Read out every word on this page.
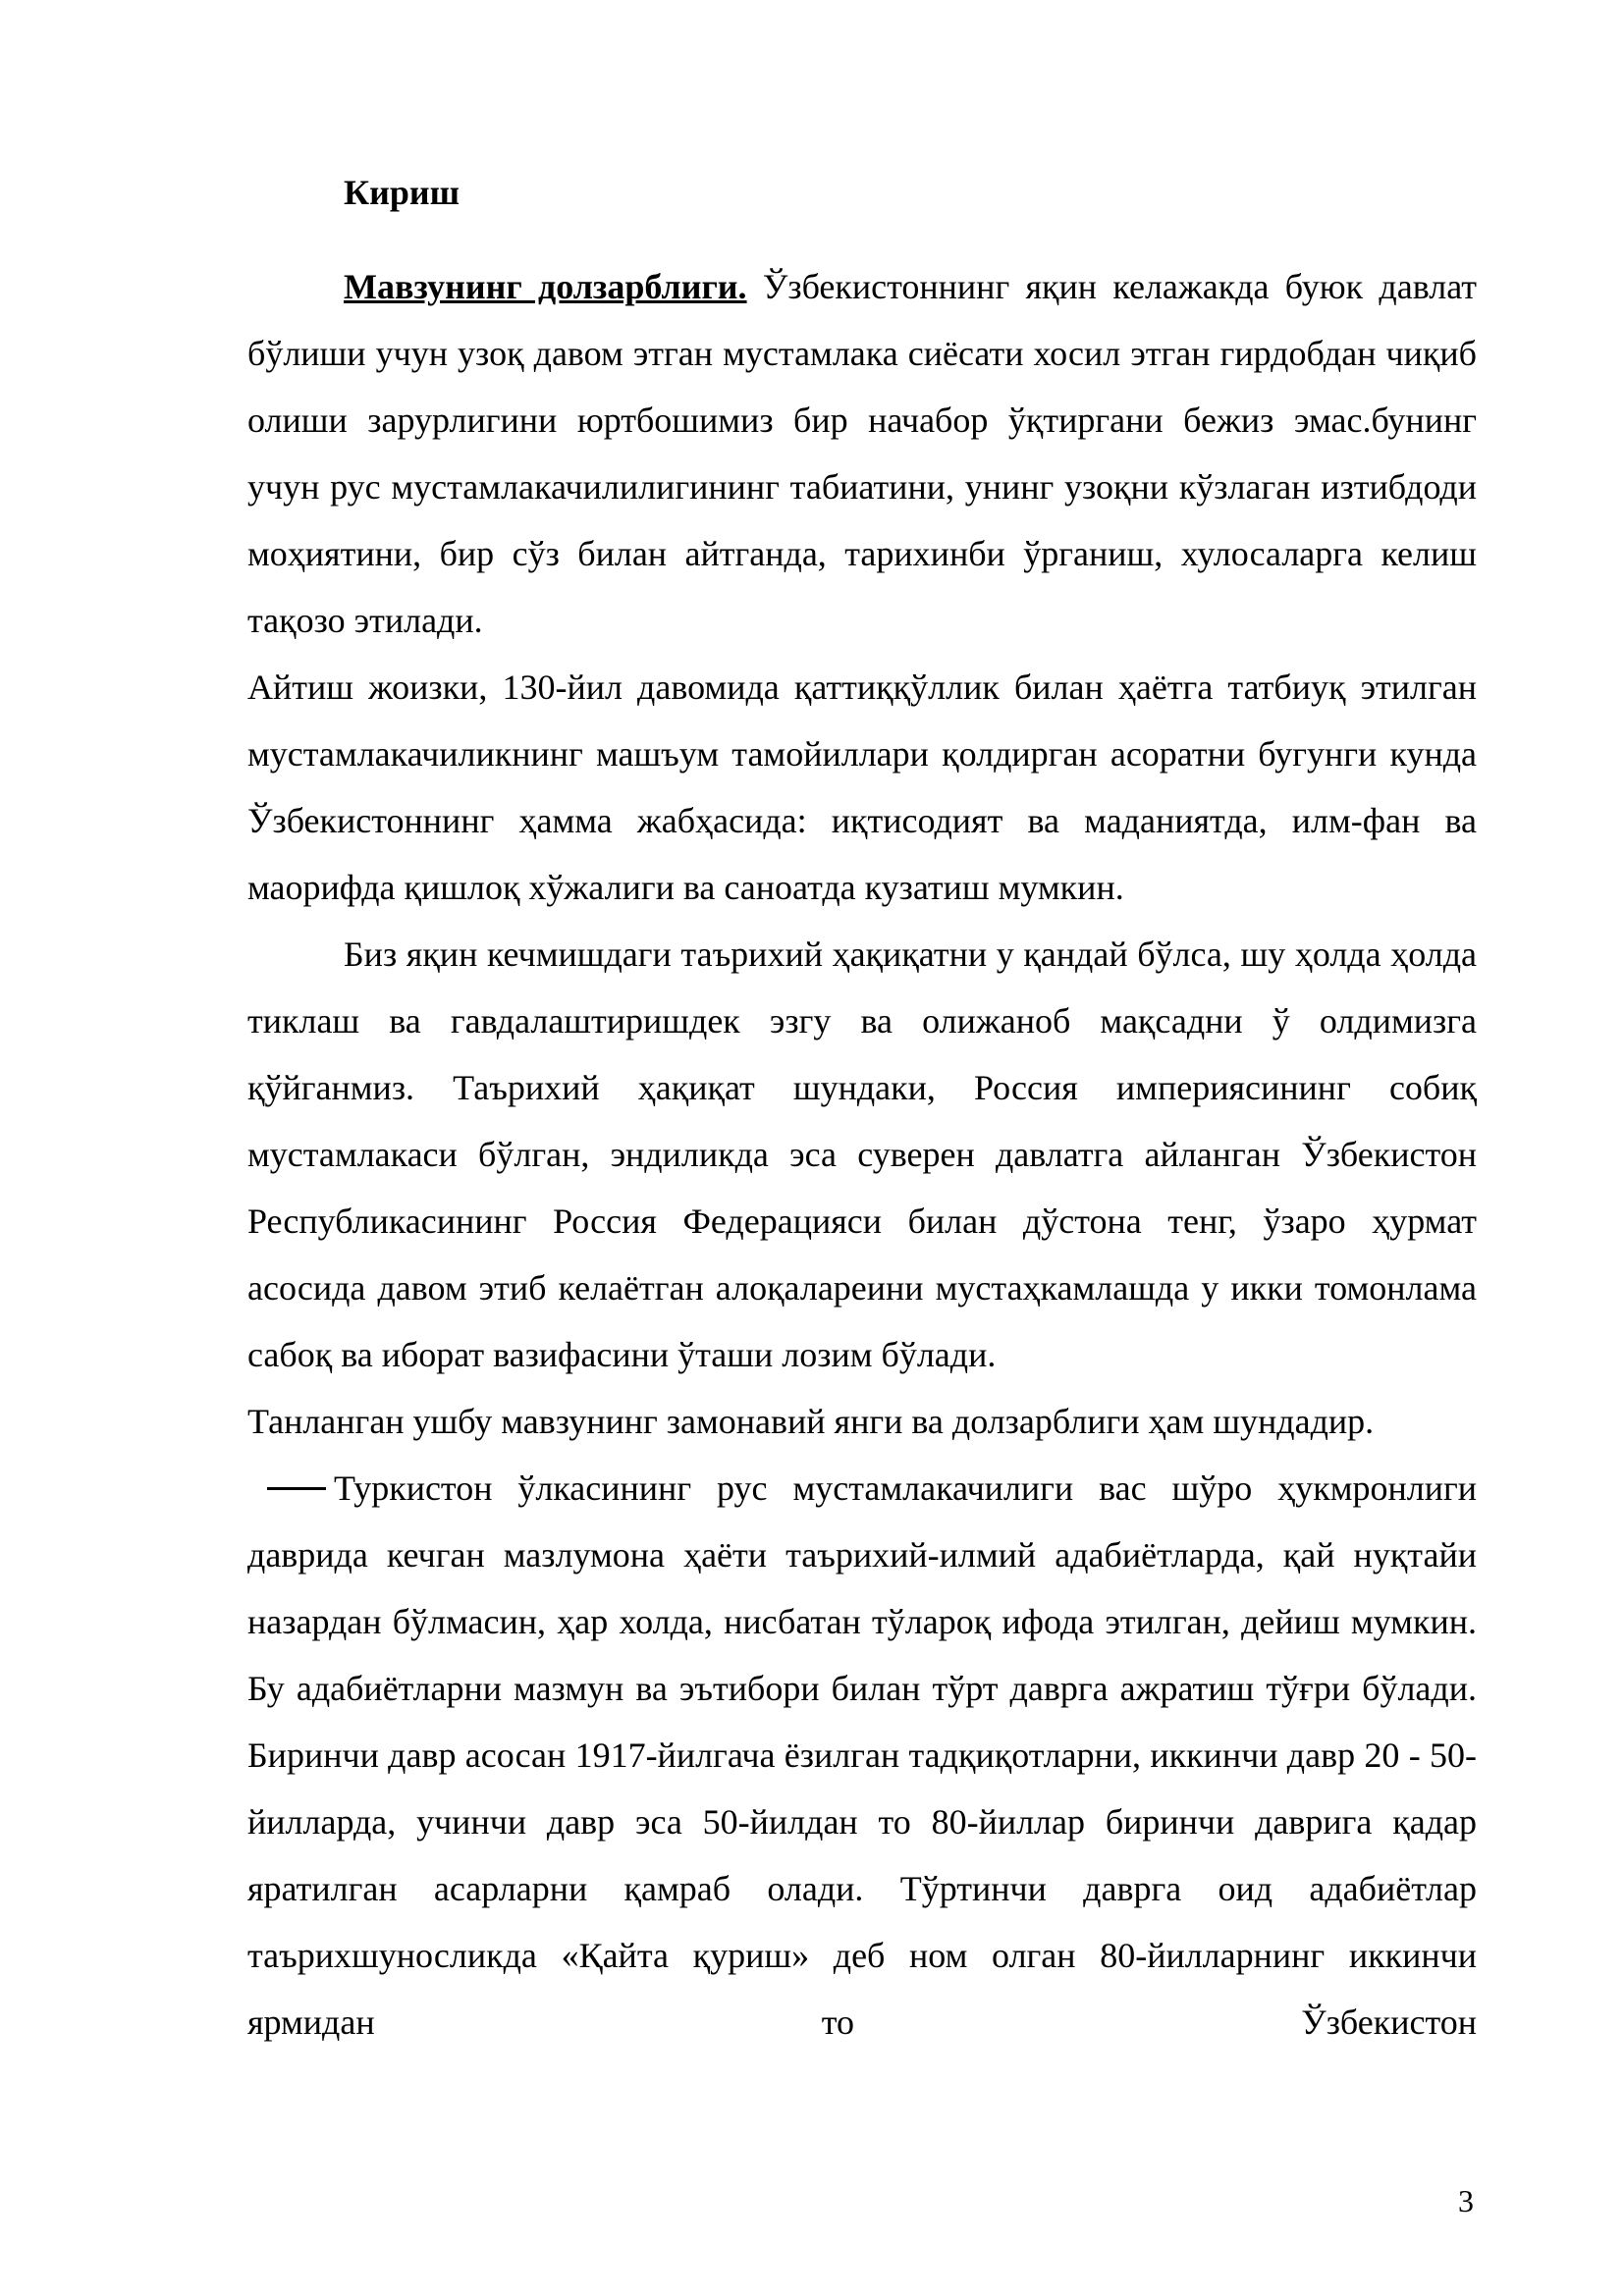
Кириш

Мавзунинг долзарблиги. Ўзбекистоннинг яқин келажакда буюк давлат бўлиши учун узоқ давом этган мустамлака сиёсати хосил этган гирдобдан чиқиб олиши зарурлигини юртбошимиз бир начабор ўқтиргани бежиз эмас.бунинг учун рус мустамлакачилилигининг табиатини, унинг узоқни кўзлаган изтибдоди моҳиятини, бир сўз билан айтганда, тарихинби ўрганиш, хулосаларга келиш тақозо этилади.

Айтиш жоизки, 130-йил давомида қаттиққўллик билан ҳаётга татбиуқ этилган мустамлакачиликнинг машъум тамойиллари қолдирган асоратни бугунги кунда Ўзбекистоннинг ҳамма жабҳасида: иқтисодият ва маданиятда, илм-фан ва маорифда қишлоқ хўжалиги ва саноатда кузатиш мумкин.

Биз яқин кечмишдаги таърихий ҳақиқатни у қандай бўлса, шу ҳолда ҳолда тиклаш ва гавдалаштиришдек эзгу ва олижаноб мақсадни ў олдимизга қўйганмиз. Таърихий ҳақиқат шундаки, Россия империясининг собиқ мустамлакаси бўлган, эндиликда эса суверен давлатга айланган Ўзбекистон Республикасининг Россия Федерацияси билан дўстона тенг, ўзаро ҳурмат асосида давом этиб келаётган алоқалареини мустаҳкамлашда у икки томонлама сабоқ ва иборат вазифасини ўташи лозим бўлади.

Танланган ушбу мавзунинг замонавий янги ва долзарблиги ҳам шундадир.

Туркистон ўлкасининг рус мустамлакачилиги вас шўро ҳукмронлиги даврида кечган мазлумона ҳаёти таърихий-илмий адабиётларда, қай нуқтайи назардан бўлмасин, ҳар холда, нисбатан тўлароқ ифода этилган, дейиш мумкин. Бу адабиётларни мазмун ва эътибори билан тўрт даврга ажратиш тўғри бўлади. Биринчи давр асосан 1917-йилгача ёзилган тадқиқотларни, иккинчи давр 20 - 50-йилларда, учинчи давр эса 50-йилдан то 80-йиллар биринчи даврига қадар яратилган асарларни қамраб олади. Тўртинчи даврга оид адабиётлар таърихшуносликда «Қайта қуриш» деб ном олган 80-йилларнинг иккинчи ярмидан то Ўзбекистон

3
